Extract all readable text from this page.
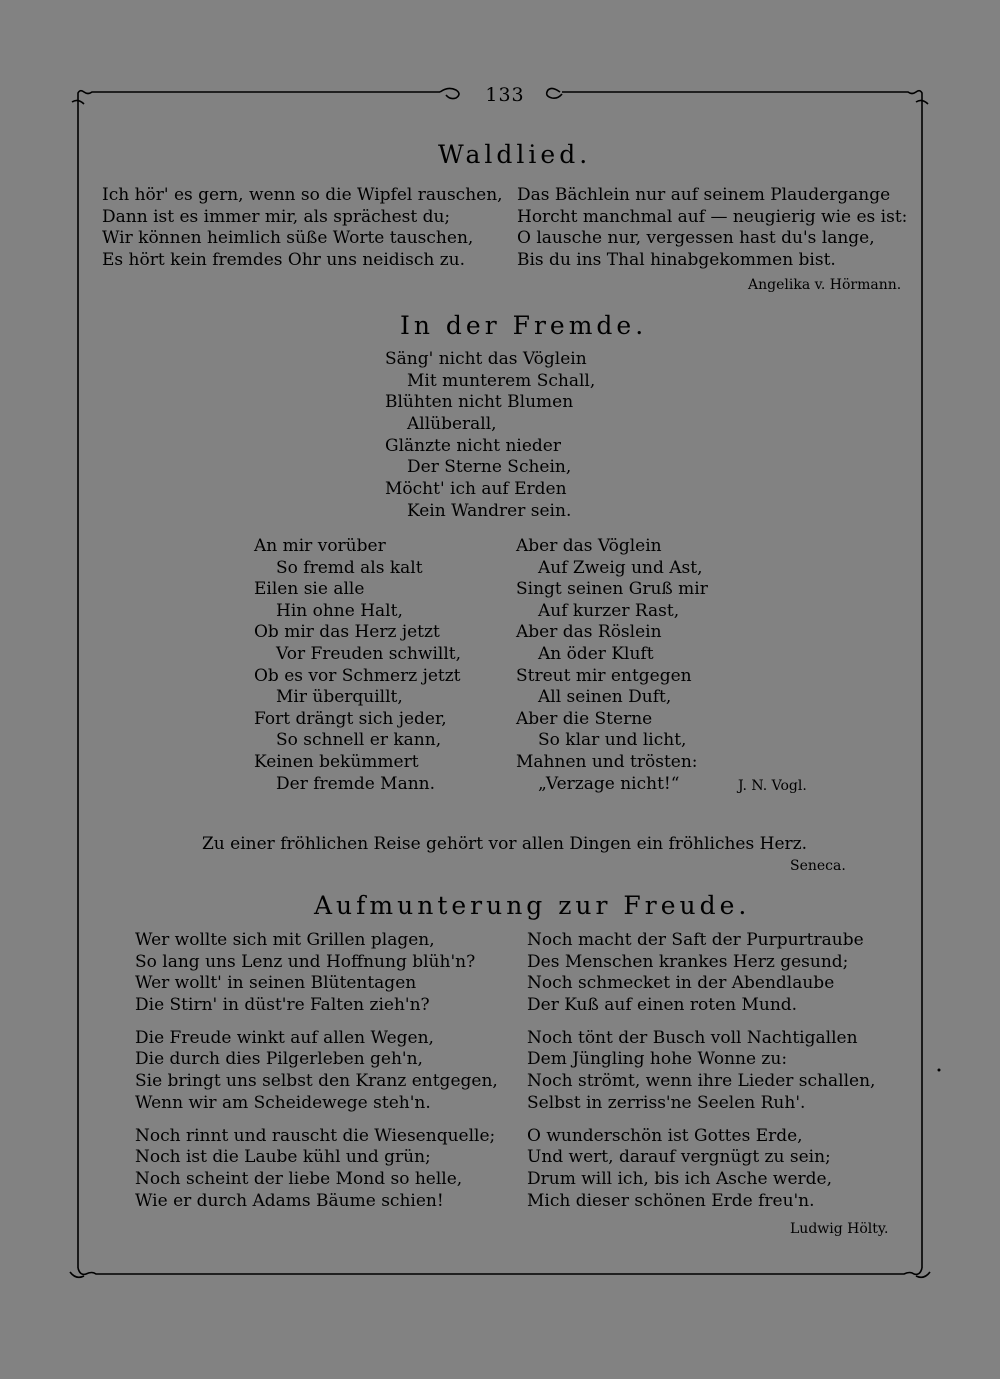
133
Waldlied.
Ich hör' es gern, wenn so die Wipfel rauschen,
Dann ist es immer mir, als sprächest du;
Wir können heimlich süße Worte tauschen,
Es hört kein fremdes Ohr uns neidisch zu.
Das Bächlein nur auf seinem Plaudergange
Horcht manchmal auf — neugierig wie es ist:
O lausche nur, vergessen hast du's lange,
Bis du ins Thal hinabgekommen bist.
Angelika v. Hörmann.
In der Fremde.
Säng' nicht das Vöglein
Mit munterem Schall,
Blühten nicht Blumen
Allüberall,
Glänzte nicht nieder
Der Sterne Schein,
Möcht' ich auf Erden
Kein Wandrer sein.
An mir vorüber
So fremd als kalt
Eilen sie alle
Hin ohne Halt,
Ob mir das Herz jetzt
Vor Freuden schwillt,
Ob es vor Schmerz jetzt
Mir überquillt,
Fort drängt sich jeder,
So schnell er kann,
Keinen bekümmert
Der fremde Mann.
Aber das Vöglein
Auf Zweig und Ast,
Singt seinen Gruß mir
Auf kurzer Rast,
Aber das Röslein
An öder Kluft
Streut mir entgegen
All seinen Duft,
Aber die Sterne
So klar und licht,
Mahnen und trösten:
„Verzage nicht!“	J. N. Vogl.
Zu einer fröhlichen Reise gehört vor allen Dingen ein fröhliches Herz.
Seneca.
Aufmunterung zur Freude.
Wer wollte sich mit Grillen plagen,
So lang uns Lenz und Hoffnung blüh'n?
Wer wollt' in seinen Blütentagen
Die Stirn' in düst're Falten zieh'n?
Die Freude winkt auf allen Wegen,
Die durch dies Pilgerleben geh'n,
Sie bringt uns selbst den Kranz entgegen,
Wenn wir am Scheidewege steh'n.
Noch rinnt und rauscht die Wiesenquelle;
Noch ist die Laube kühl und grün;
Noch scheint der liebe Mond so helle,
Wie er durch Adams Bäume schien!
Noch macht der Saft der Purpurtraube
Des Menschen krankes Herz gesund;
Noch schmecket in der Abendlaube
Der Kuß auf einen roten Mund.
Noch tönt der Busch voll Nachtigallen
Dem Jüngling hohe Wonne zu:
Noch strömt, wenn ihre Lieder schallen,
Selbst in zerriss'ne Seelen Ruh'.
O wunderschön ist Gottes Erde,
Und wert, darauf vergnügt zu sein;
Drum will ich, bis ich Asche werde,
Mich dieser schönen Erde freu'n.
Ludwig Hölty.
